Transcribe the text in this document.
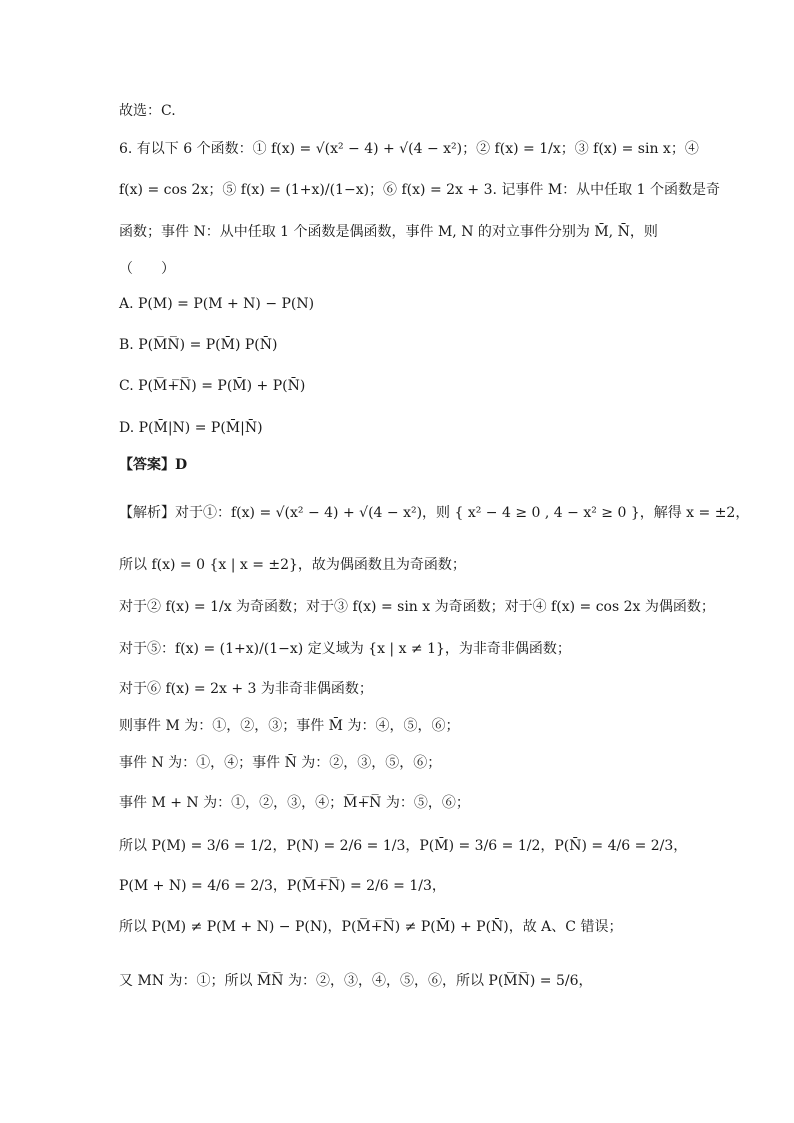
故选：C.
6. 有以下 6 个函数：① f(x) = √(x² − 4) + √(4 − x²)；② f(x) = 1/x；③ f(x) = sin x；④
f(x) = cos 2x；⑤ f(x) = (1+x)/(1−x)；⑥ f(x) = 2x + 3. 记事件 M：从中任取 1 个函数是奇
函数；事件 N：从中任取 1 个函数是偶函数，事件 M, N 的对立事件分别为 M̄, N̄，则
（　　）
A. P(M) = P(M + N) − P(N)
B. P(M̅N̅) = P(M̄) P(N̄)
C. P(M̅+̅N̅) = P(M̄) + P(N̄)
D. P(M̄|N) = P(M̄|N̄)
【答案】D
【解析】对于①：f(x) = √(x² − 4) + √(4 − x²)，则 { x² − 4 ≥ 0 , 4 − x² ≥ 0 }，解得 x = ±2，
所以 f(x) = 0 {x | x = ±2}，故为偶函数且为奇函数；
对于② f(x) = 1/x 为奇函数；对于③ f(x) = sin x 为奇函数；对于④ f(x) = cos 2x 为偶函数；
对于⑤：f(x) = (1+x)/(1−x) 定义域为 {x | x ≠ 1}，为非奇非偶函数；
对于⑥ f(x) = 2x + 3 为非奇非偶函数；
则事件 M 为：①，②，③；事件 M̄ 为：④，⑤，⑥；
事件 N 为：①，④；事件 N̄ 为：②，③，⑤，⑥；
事件 M + N 为：①，②，③，④；M̅+̅N̅ 为：⑤，⑥；
所以 P(M) = 3/6 = 1/2，P(N) = 2/6 = 1/3，P(M̄) = 3/6 = 1/2，P(N̄) = 4/6 = 2/3，
P(M + N) = 4/6 = 2/3，P(M̅+̅N̅) = 2/6 = 1/3，
所以 P(M) ≠ P(M + N) − P(N)，P(M̅+̅N̅) ≠ P(M̄) + P(N̄)，故 A、C 错误；
又 MN 为：①；所以 M̅N̅ 为：②，③，④，⑤，⑥，所以 P(M̅N̅) = 5/6，
